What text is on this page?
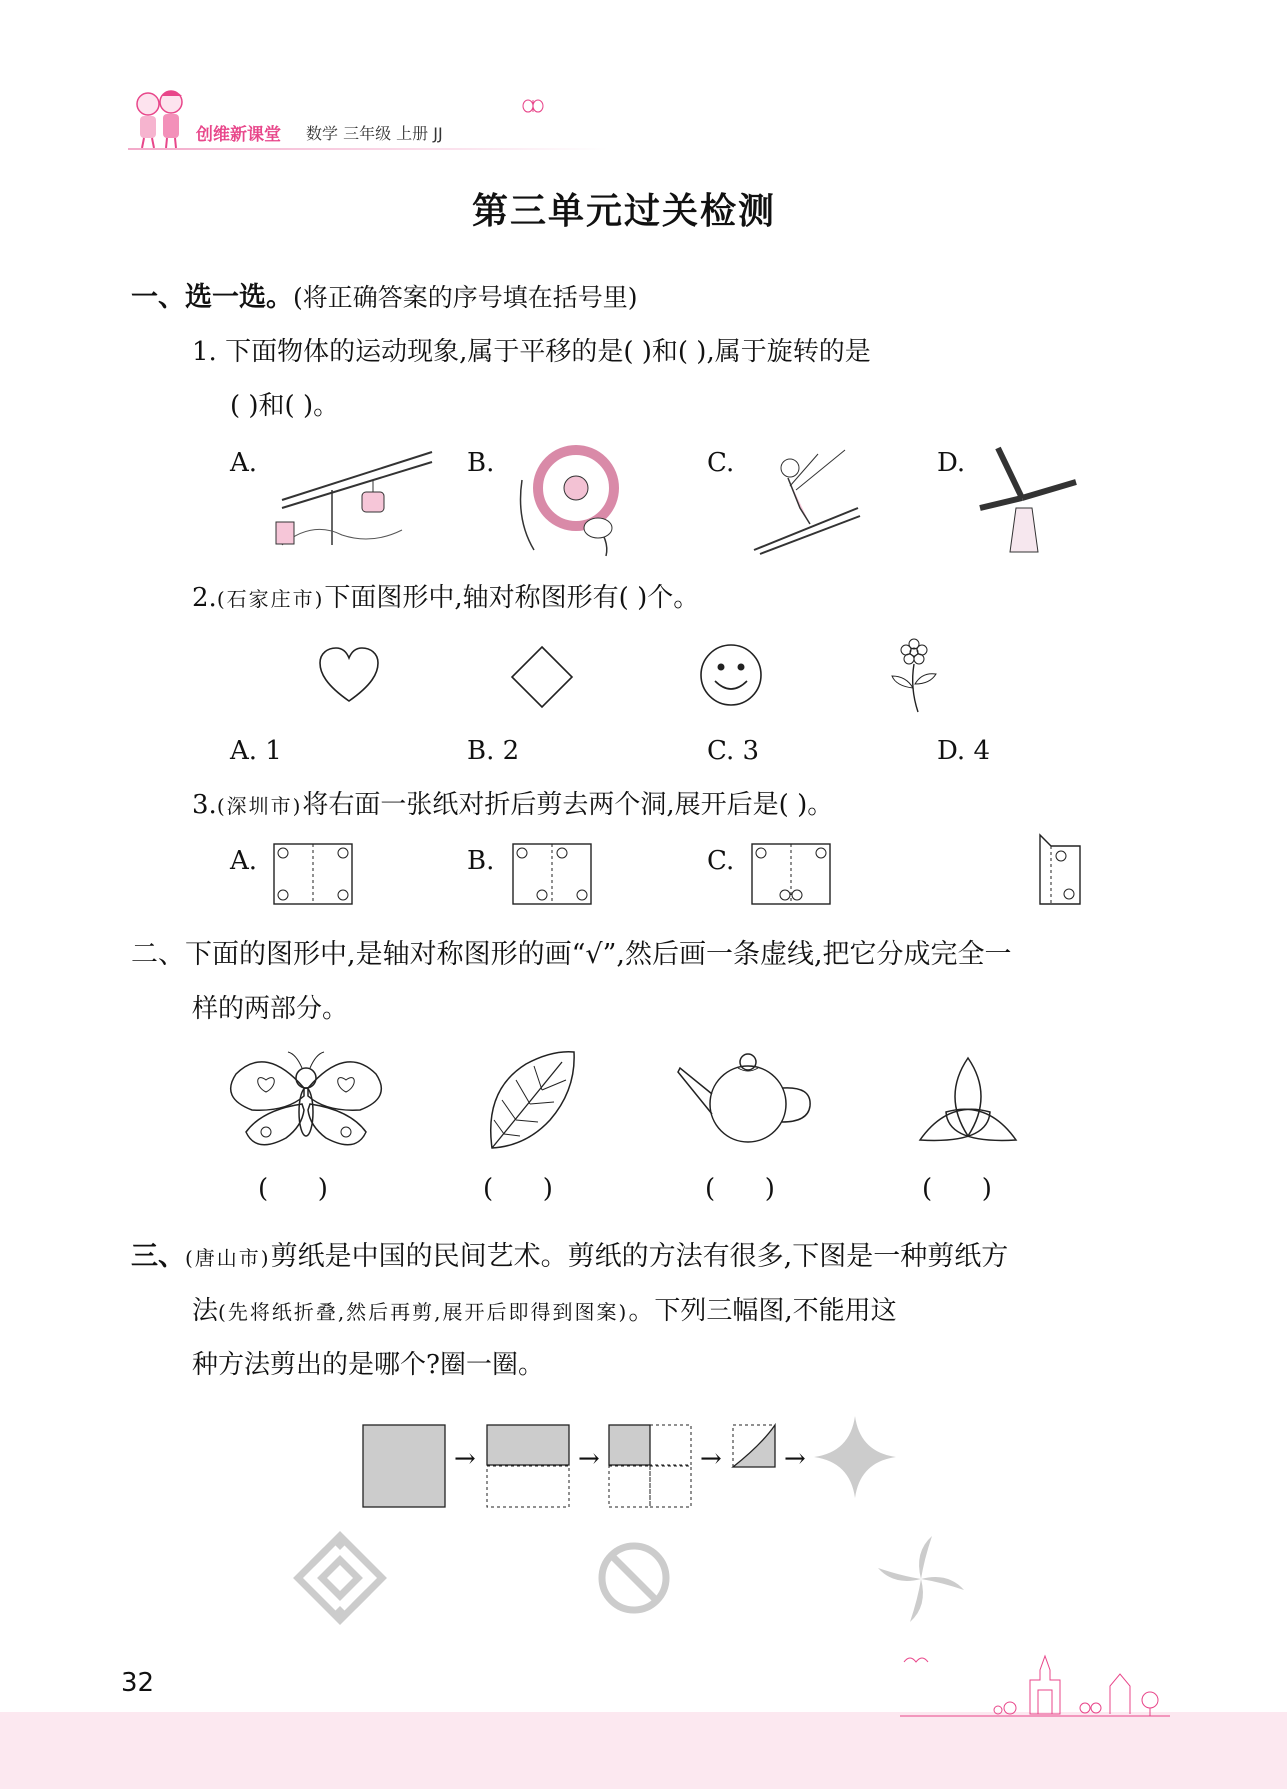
创维新课堂 数学 三年级 上册 JJ
第三单元过关检测
一、选一选。(将正确答案的序号填在括号里)
1. 下面物体的运动现象,属于平移的是( )和( ),属于旋转的是
( )和( )。
A.	B.	C.	D.
2.(石家庄市)下面图形中,轴对称图形有( )个。
A. 1	B. 2	C. 3	D. 4
3.(深圳市)将右面一张纸对折后剪去两个洞,展开后是( )。
A.	B.	C.
二、下面的图形中,是轴对称图形的画“√”,然后画一条虚线,把它分成完全一
样的两部分。
(      )	(      )	(      )	(      )
三、(唐山市)剪纸是中国的民间艺术。剪纸的方法有很多,下图是一种剪纸方
法(先将纸折叠,然后再剪,展开后即得到图案)。下列三幅图,不能用这
种方法剪出的是哪个?圈一圈。
→	→	→ →
32
